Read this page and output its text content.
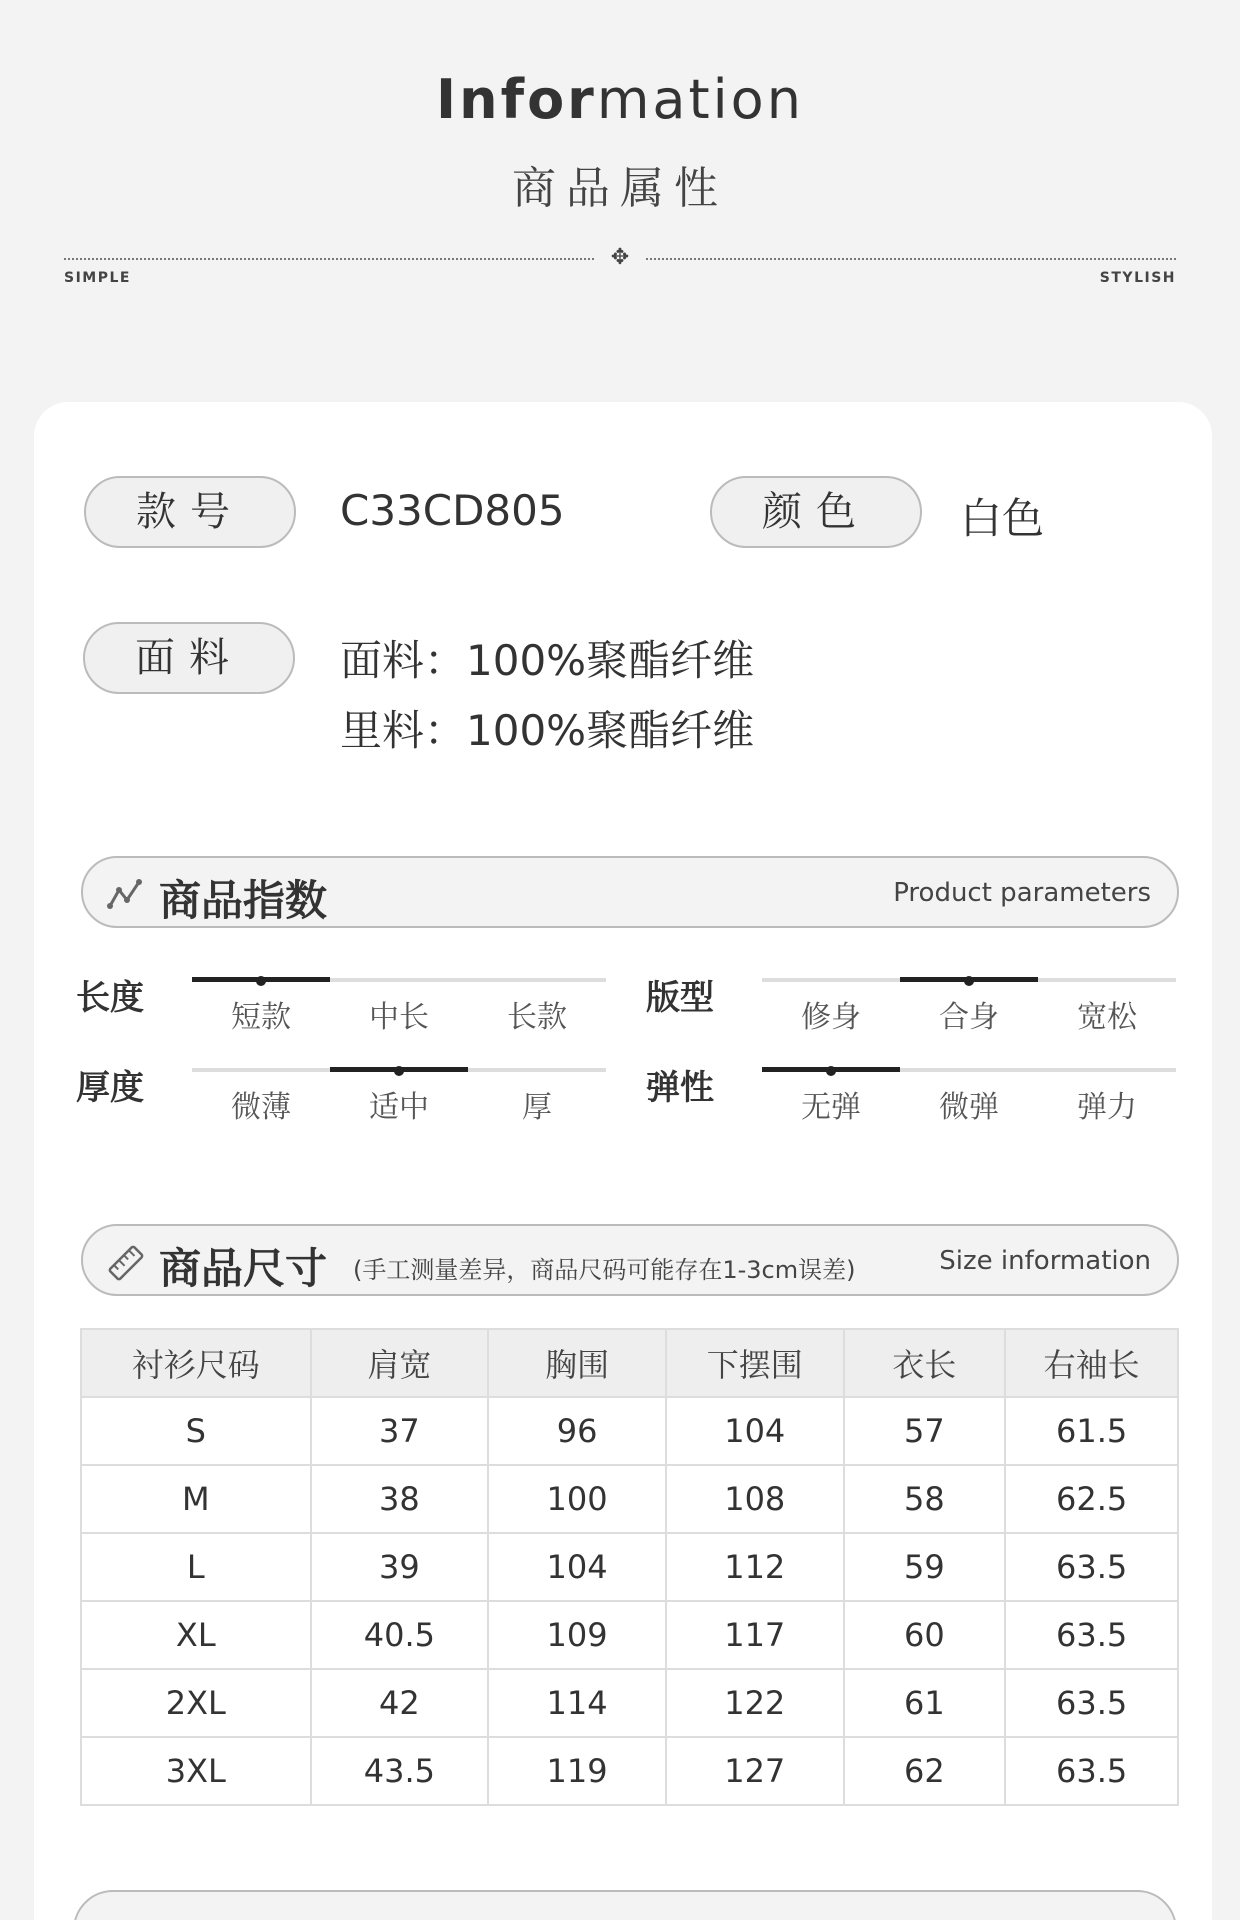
Information
商品属性
✥
SIMPLE	STYLISH
款号	C33CD805	颜色	白色
面料	面料：100%聚酯纤维
里料：100%聚酯纤维
商品指数	Product parameters
长度	短款	中长	长款	版型	修身	合身	宽松
厚度	微薄	适中	厚	弹性	无弹	微弹	弹力
商品尺寸 (手工测量差异，商品尺码可能存在1-3cm误差)	Size information
衬衫尺码	肩宽	胸围	下摆围	衣长	右袖长
S	37	96	104	57	61.5
M	38	100	108	58	62.5
L	39	104	112	59	63.5
XL	40.5	109	117	60	63.5
2XL	42	114	122	61	63.5
3XL	43.5	119	127	62	63.5
